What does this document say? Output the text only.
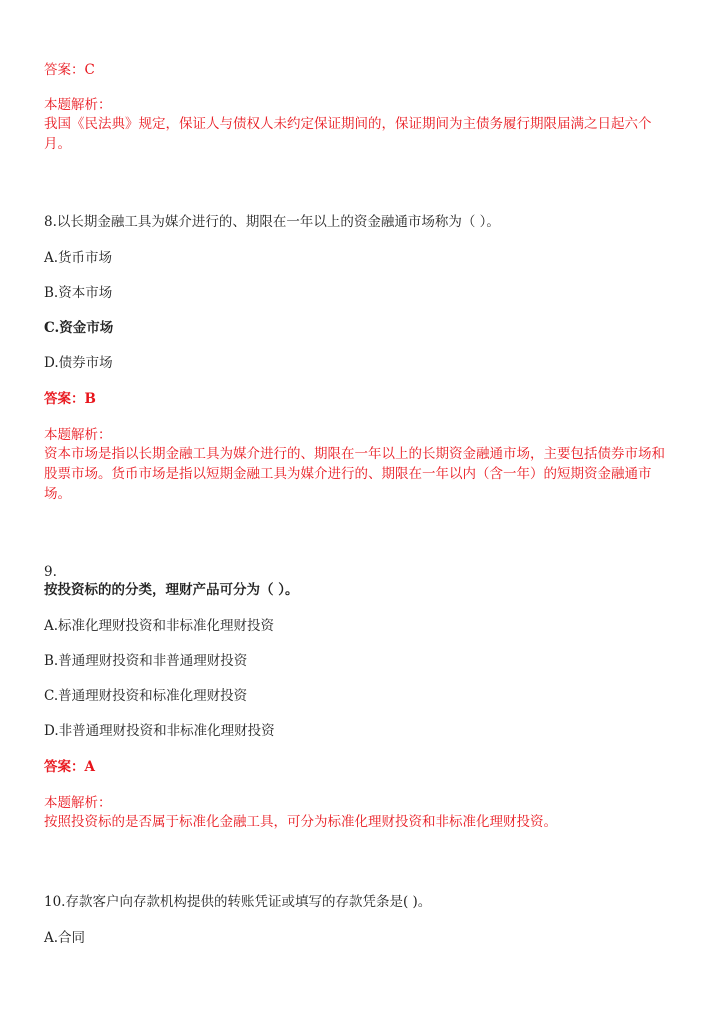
答案：C

本题解析：

我国《民法典》规定，保证人与债权人未约定保证期间的，保证期间为主债务履行期限届满之日起六个月。

8.以长期金融工具为媒介进行的、期限在一年以上的资金融通市场称为（ ）。

A.货币市场

B.资本市场

C.资金市场

D.债券市场

答案：B

本题解析：

资本市场是指以长期金融工具为媒介进行的、期限在一年以上的长期资金融通市场，主要包括债券市场和股票市场。货币市场是指以短期金融工具为媒介进行的、期限在一年以内（含一年）的短期资金融通市场。

9.

按投资标的的分类，理财产品可分为（ ）。

A.标准化理财投资和非标准化理财投资

B.普通理财投资和非普通理财投资

C.普通理财投资和标准化理财投资

D.非普通理财投资和非标准化理财投资

答案：A

本题解析：

按照投资标的是否属于标准化金融工具，可分为标准化理财投资和非标准化理财投资。

10.存款客户向存款机构提供的转账凭证或填写的存款凭条是( )。

A.合同
